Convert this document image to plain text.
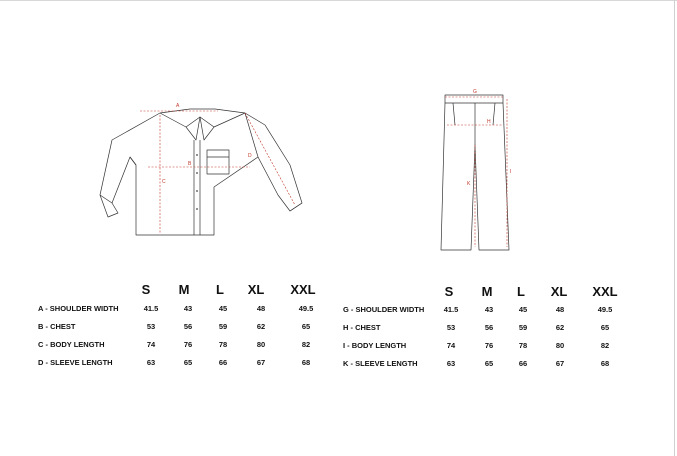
A
B
C
D
G
H
I
K
S	M	L	XL	XXL
A - SHOULDER WIDTH	41.5	43	45	48	49.5
B - CHEST	53	56	59	62	65
C - BODY LENGTH	74	76	78	80	82
D - SLEEVE LENGTH	63	65	66	67	68
S	M	L	XL	XXL
G - SHOULDER WIDTH	41.5	43	45	48	49.5
H - CHEST	53	56	59	62	65
I - BODY LENGTH	74	76	78	80	82
K - SLEEVE LENGTH	63	65	66	67	68
